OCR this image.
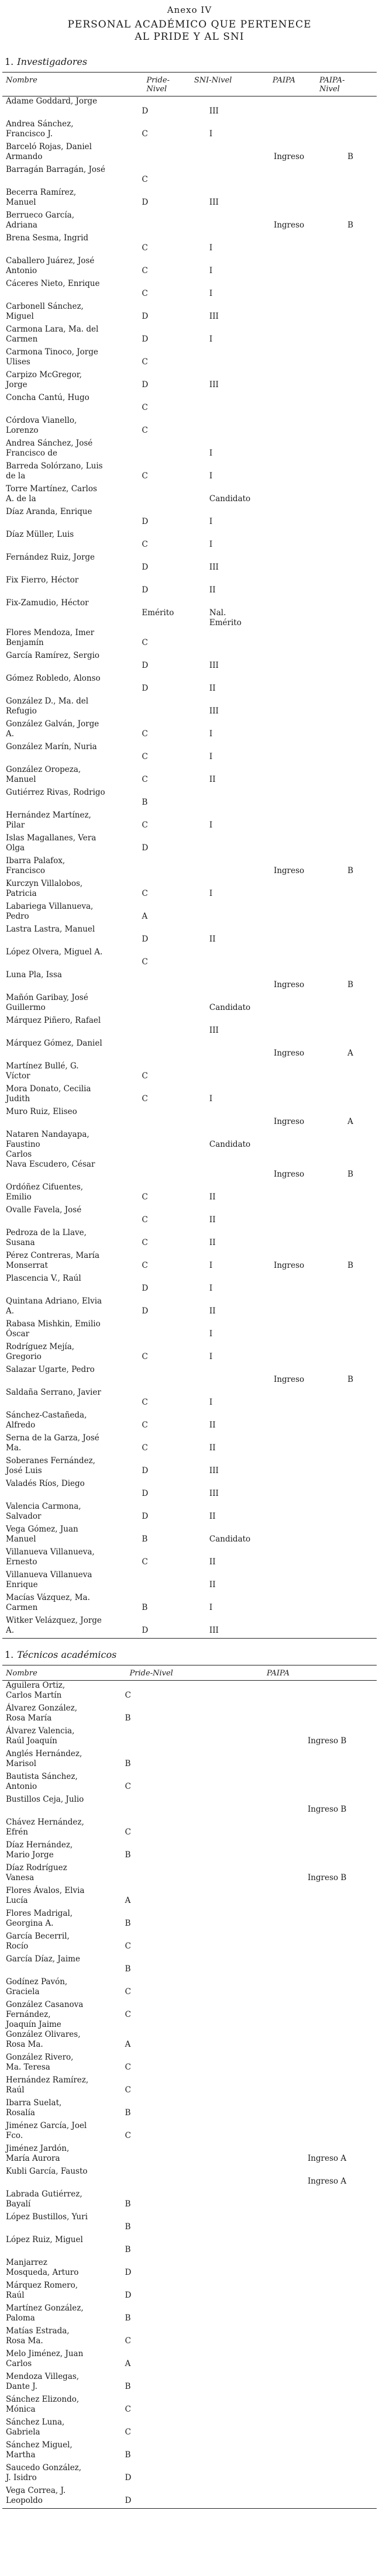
Anexo IV
PERSONAL ACADÉMICO QUE PERTENECE
AL PRIDE Y AL SNI
1. Investigadores
Nombre	Pride-Nivel	SNI-Nivel	PAIPA	PAIPA-
Nivel
Adame Goddard, Jorge	D	III		
Andrea Sánchez, Francisco J.	C	I		
Barceló Rojas, Daniel Armando			Ingreso	B
Barragán Barragán, José	C			
Becerra Ramírez, Manuel	D	III		
Berrueco García, Adriana			Ingreso	B
Brena Sesma, Ingrid	C	I		
Caballero Juárez, José Antonio	C	I		
Cáceres Nieto, Enrique	C	I		
Carbonell Sánchez, Miguel	D	III		
Carmona Lara, Ma. del Carmen	D	I		
Carmona Tinoco, Jorge Ulises	C			
Carpizo McGregor, Jorge	D	III		
Concha Cantú, Hugo	C			
Córdova Vianello, Lorenzo	C			
Andrea Sánchez, José Francisco de		I		
Barreda Solórzano, Luis de la	C	I		
Torre Martínez, Carlos A. de la		Candidato		
Díaz Aranda, Enrique	D	I		
Díaz Müller, Luis	C	I		
Fernández Ruiz, Jorge	D	III		
Fix Fierro, Héctor	D	II		
Fix-Zamudio, Héctor	Emérito	Nal.
Emérito		
Flores Mendoza, Imer Benjamín	C			
García Ramírez, Sergio	D	III		
Gómez Robledo, Alonso	D	II		
González D., Ma. del Refugio		III		
González Galván, Jorge A.	C	I		
González Marín, Nuria	C	I		
González Oropeza, Manuel	C	II		
Gutiérrez Rivas, Rodrigo	B			
Hernández Martínez, Pilar	C	I		
Islas Magallanes, Vera Olga	D			
Ibarra Palafox, Francisco			Ingreso	B
Kurczyn Villalobos, Patricia	C	I		
Labariega Villanueva, Pedro	A			
Lastra Lastra, Manuel	D	II		
López Olvera, Miguel A.	C			
Luna Pla, Issa			Ingreso	B
Mañón Garibay, José Guillermo		Candidato		
Márquez Piñero, Rafael		III		
Márquez Gómez, Daniel			Ingreso	A
Martínez Bullé, G. Víctor	C			
Mora Donato, Cecilia Judith	C	I		
Muro Ruiz, Eliseo			Ingreso	A
Nataren Nandayapa, Faustino
Carlos		Candidato		
Nava Escudero, César			Ingreso	B
Ordóñez Cifuentes, Emilio	C	II		
Ovalle Favela, José	C	II		
Pedroza de la Llave, Susana	C	II		
Pérez Contreras, María Monserrat	C	I	Ingreso	B
Plascencia V., Raúl	D	I		
Quintana Adriano, Elvia A.	D	II		
Rabasa Mishkin, Emilio Óscar		I		
Rodríguez Mejía, Gregorio	C	I		
Salazar Ugarte, Pedro			Ingreso	B
Saldaña Serrano, Javier	C	I		
Sánchez-Castañeda, Alfredo	C	II		
Serna de la Garza, José Ma.	C	II		
Soberanes Fernández, José Luis	D	III		
Valadés Ríos, Diego	D	III		
Valencia Carmona, Salvador	D	II		
Vega Gómez, Juan Manuel	B	Candidato		
Villanueva Villanueva, Ernesto	C	II		
Villanueva Villanueva Enrique		II		
Macías Vázquez, Ma. Carmen	B	I		
Witker Velázquez, Jorge A.	D	III		
1. Técnicos académicos
Nombre	Pride-Nivel	PAIPA
Aguilera Ortiz, Carlos Martín	C	
Álvarez González, Rosa María	B	
Álvarez Valencia, Raúl Joaquín		Ingreso B
Anglés Hernández, Marisol	B	
Bautista Sánchez, Antonio	C	
Bustillos Ceja, Julio		Ingreso B
Chávez Hernández, Efrén	C	
Díaz Hernández, Mario Jorge	B	
Díaz Rodríguez Vanesa		Ingreso B
Flores Ávalos, Elvia Lucía	A	
Flores Madrigal, Georgina A.	B	
García Becerril, Rocío	C	
García Díaz, Jaime	B	
Godínez Pavón, Graciela	C	
González Casanova Fernández,
Joaquín Jaime	C	
González Olivares, Rosa Ma.	A	
González Rivero, Ma. Teresa	C	
Hernández Ramírez, Raúl	C	
Ibarra Suelat, Rosalía	B	
Jiménez García, Joel Fco.	C	
Jiménez Jardón, María Aurora		Ingreso A
Kubli García, Fausto		Ingreso A
Labrada Gutiérrez, Bayalí	B	
López Bustillos, Yuri	B	
López Ruiz, Miguel	B	
Manjarrez Mosqueda, Arturo	D	
Márquez Romero, Raúl	D	
Martínez González, Paloma	B	
Matías Estrada, Rosa Ma.	C	
Melo Jiménez, Juan Carlos	A	
Mendoza Villegas, Dante J.	B	
Sánchez Elizondo, Mónica	C	
Sánchez Luna, Gabriela	C	
Sánchez Miguel, Martha	B	
Saucedo González, J. Isidro	D	
Vega Correa, J. Leopoldo	D	
